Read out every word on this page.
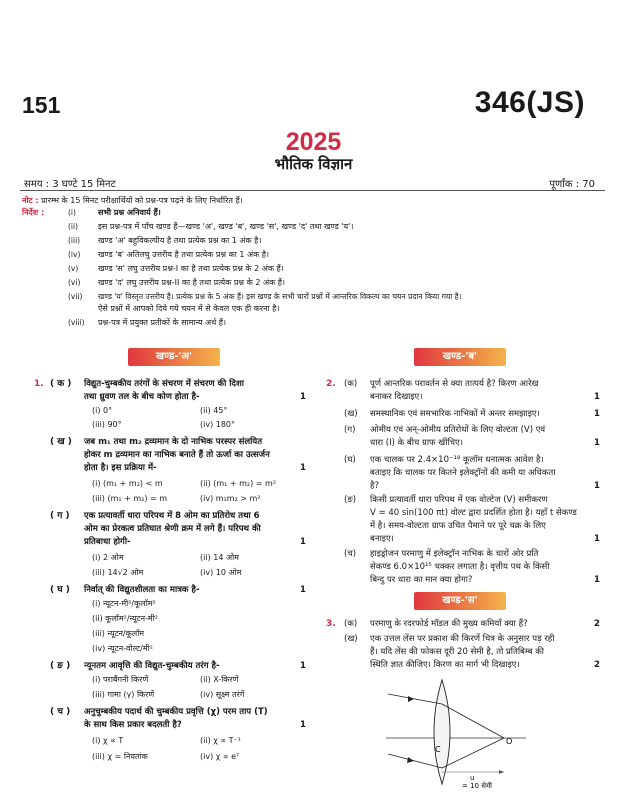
151	346(JS)
2025
भौतिक विज्ञान
समय : 3 घण्टे 15 मिनट	पूर्णांक : 70
नोट : प्रारम्भ के 15 मिनट परीक्षार्थियों को प्रश्न-पत्र पढ़ने के लिए निर्धारित हैं।
निर्देश :	(i)	सभी प्रश्न अनिवार्य हैं।
(ii) इस प्रश्न-पत्र में पाँच खण्ड हैं—खण्ड 'अ', खण्ड 'ब', खण्ड 'स', खण्ड 'द' तथा खण्ड 'य'।
(iii) खण्ड 'अ' बहुविकल्पीय है तथा प्रत्येक प्रश्न का 1 अंक है।
(iv) खण्ड 'ब' अतिलघु उत्तरीय है तथा प्रत्येक प्रश्न का 1 अंक है।
(v) खण्ड 'स' लघु उत्तरीय प्रश्न-I का है तथा प्रत्येक प्रश्न के 2 अंक हैं।
(vi) खण्ड 'द' लघु उत्तरीय प्रश्न-II का है तथा प्रत्येक प्रश्न के 2 अंक हैं।
(vii) खण्ड 'य' विस्तृत उत्तरीय है। प्रत्येक प्रश्न के 5 अंक हैं। इस खण्ड के सभी चारों प्रश्नों में आन्तरिक विकल्प का चयन प्रदान किया गया है।
ऐसे प्रश्नों में आपको दिये गये चयन में से केवल एक ही करना है।
(viii) प्रश्न-पत्र में प्रयुक्त प्रतीकों के सामान्य अर्थ हैं।
खण्ड-'अ'	खण्ड-'ब'
1. ( क ) विद्युत-चुम्बकीय तरंगों के संचरण में संचरण की दिशा
तथा ध्रुवण तल के बीच कोण होता है-	1
(i) 0°	(ii) 45°
(iii) 90°	(iv) 180°
( ख ) जब m₁ तथा m₂ द्रव्यमान के दो नाभिक परस्पर संलयित
होकर m द्रव्यमान का नाभिक बनाते हैं तो ऊर्जा का उत्सर्जन
होता है। इस प्रक्रिया में-	1
(i) (m₁ + m₂) < m	(ii) (m₁ + m₂) = m²
(iii) (m₁ + m₂) = m	(iv) m₁m₂ > m²
( ग ) एक प्रत्यावर्ती धारा परिपथ में 8 ओम का प्रतिरोध तथा 6
ओम का प्रेरकत्व प्रतिघात श्रेणी क्रम में लगे हैं। परिपथ की
प्रतिबाधा होगी-	1
(i) 2 ओम	(ii) 14 ओम
(iii) 14√2 ओम	(iv) 10 ओम
( घ ) निर्वात् की विद्युतशीलता का मात्रक है-	1
(i) न्यूटन-मी²/कूलॉम²
(ii) कूलॉम²/न्यूटन-मी²
(iii) न्यूटन/कूलॉम
(iv) न्यूटन-वोल्ट/मी²
( ङ ) न्यूनतम आवृत्ति की विद्युत-चुम्बकीय तरंग है-	1
(i) पराबैंगनी किरणें	(ii) X-किरणें
(iii) गामा (γ) किरणें	(iv) सूक्ष्म तरंगें
( च ) अनुचुम्बकीय पदार्थ की चुम्बकीय प्रवृत्ति (χ) परम ताप (T)
के साथ किस प्रकार बदलती है?	1
(i) χ ∝ T	(ii) χ ∝ T⁻¹
(iii) χ = नियतांक	(iv) χ ∝ eᵀ
2. (क) पूर्ण आन्तरिक परावर्तन से क्या तात्पर्य है? किरण आरेख
बनाकर दिखाइए।	1
(ख) समस्थानिक एवं समभारिक नाभिकों में अन्तर समझाइए।	1
(ग) ओमीय एवं अन्-ओमीय प्रतिरोधों के लिए वोल्टता (V) एवं
धारा (I) के बीच ग्राफ खींचिए।	1
(घ) एक चालक पर 2.4×10⁻¹⁸ कूलॉम धनात्मक आवेश है।
बताइए कि चालक पर कितने इलेक्ट्रॉनों की कमी या अधिकता
है?	1
(ङ) किसी प्रत्यावर्ती धारा परिपथ में एक वोल्टेज (V) समीकरण
V = 40 sin(100 πt) वोल्ट द्वारा प्रदर्शित होता है। यहाँ t सेकण्ड
में है। समय-वोल्टता ग्राफ उचित पैमाने पर पूरे चक्र के लिए
बनाइए।	1
(च) हाइड्रोजन परमाणु में इलेक्ट्रॉन नाभिक के चारों ओर प्रति
सेकण्ड 6.0×10¹⁵ चक्कर लगाता है। वृत्तीय पथ के किसी
बिन्दु पर धारा का मान क्या होगा?	1
खण्ड-'स'
3. (क) परमाणु के रदरफोर्ड मॉडल की मुख्य कमियाँ क्या हैं?	2
(ख) एक उत्तल लेंस पर प्रकाश की किरणें चित्र के अनुसार पड़ रही
हैं। यदि लेंस की फोकस दूरी 20 सेमी है, तो प्रतिबिम्ब की
स्थिति ज्ञात कीजिए। किरण का मार्ग भी दिखाइए।	2
C
O
u
= 10 सेमी
